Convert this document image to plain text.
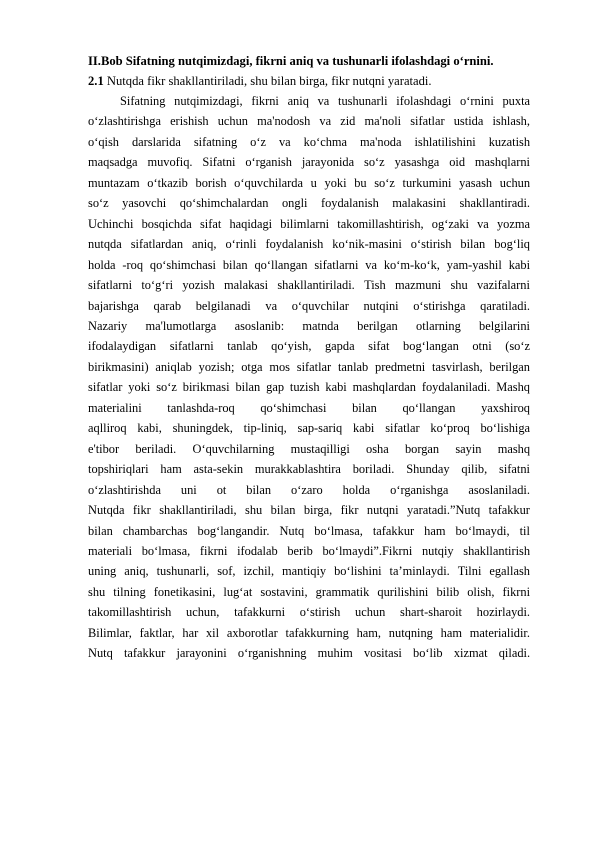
II.Bob Sifatning nutqimizdagi, fikrni aniq va tushunarli ifolashdagi o‘rnini.

2.1 Nutqda fikr shakllantiriladi, shu bilan birga, fikr nutqni yaratadi.

Sifatning nutqimizdagi, fikrni aniq va tushunarli ifolashdagi o‘rnini puxta
o‘zlashtirishga erishish uchun ma'nodosh va zid ma'noli sifatlar ustida ishlash,
o‘qish darslarida sifatning o‘z va ko‘chma ma'noda ishlatilishini kuzatish
maqsadga muvofiq. Sifatni o‘rganish jarayonida so‘z yasashga oid mashqlarni
muntazam o‘tkazib borish o‘quvchilarda u yoki bu so‘z turkumini yasash uchun
so‘z yasovchi qo‘shimchalardan ongli foydalanish malakasini shakllantiradi.
Uchinchi bosqichda sifat haqidagi bilimlarni takomillashtirish, og‘zaki va yozma
nutqda sifatlardan aniq, o‘rinli foydalanish ko‘nik-masini o‘stirish bilan bog‘liq
holda -roq qo‘shimchasi bilan qo‘llangan sifatlarni va ko‘m-ko‘k, yam-yashil kabi
sifatlarni to‘g‘ri yozish malakasi shakllantiriladi. Tish mazmuni shu vazifalarni
bajarishga qarab belgilanadi va o‘quvchilar nutqini o‘stirishga qaratiladi.
Nazariy ma'lumotlarga asoslanib: matnda berilgan otlarning belgilarini
ifodalaydigan sifatlarni tanlab qo‘yish, gapda sifat bog‘langan otni (so‘z
birikmasini) aniqlab yozish; otga mos sifatlar tanlab predmetni tasvirlash, berilgan
sifatlar yoki so‘z birikmasi bilan gap tuzish kabi mashqlardan foydalaniladi. Mashq
materialini tanlashda-roq qo‘shimchasi bilan qo‘llangan yaxshiroq
aqlliroq kabi, shuningdek, tip-liniq, sap-sariq kabi sifatlar ko‘proq bo‘lishiga
e'tibor beriladi. O‘quvchilarning mustaqilligi osha borgan sayin mashq
topshiriqlari ham asta-sekin murakkablashtira boriladi. Shunday qilib, sifatni
o‘zlashtirishda uni ot bilan o‘zaro holda o‘rganishga asoslaniladi.
Nutqda fikr shakllantiriladi, shu bilan birga, fikr nutqni yaratadi.”Nutq tafakkur
bilan chambarchas bog‘langandir. Nutq bo‘lmasa, tafakkur ham bo‘lmaydi, til
materiali bo‘lmasa, fikrni ifodalab berib bo‘lmaydi”.Fikrni nutqiy shakllantirish
uning aniq, tushunarli, sof, izchil, mantiqiy bo‘lishini ta’minlaydi. Tilni egallash
shu tilning fonetikasini, lug‘at sostavini, grammatik qurilishini bilib olish, fikrni
takomillashtirish uchun, tafakkurni o‘stirish uchun shart-sharoit hozirlaydi.
Bilimlar, faktlar, har xil axborotlar tafakkurning ham, nutqning ham materialidir.
Nutq tafakkur jarayonini o‘rganishning muhim vositasi bo‘lib xizmat qiladi.
